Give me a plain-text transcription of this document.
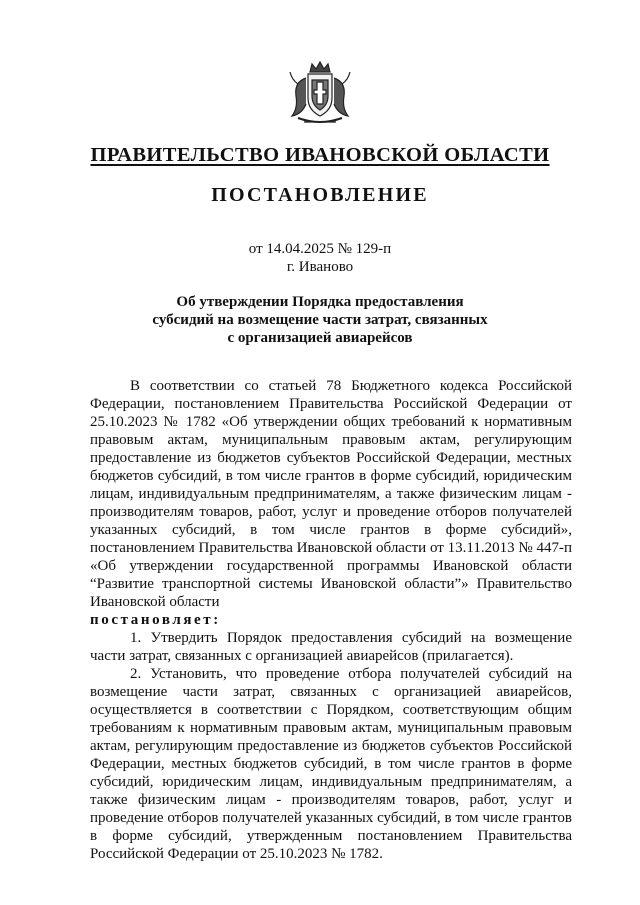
ПРАВИТЕЛЬСТВО ИВАНОВСКОЙ ОБЛАСТИ
ПОСТАНОВЛЕНИЕ
от 14.04.2025 № 129-п
г. Иваново
Об утверждении Порядка предоставления
субсидий на возмещение части затрат, связанных
с организацией авиарейсов

В соответствии со статьей 78 Бюджетного кодекса Российской Федерации, постановлением Правительства Российской Федерации от 25.10.2023 № 1782 «Об утверждении общих требований к нормативным правовым актам, муниципальным правовым актам, регулирующим предоставление из бюджетов субъектов Российской Федерации, местных бюджетов субсидий, в том числе грантов в форме субсидий, юридическим лицам, индивидуальным предпринимателям, а также физическим лицам - производителям товаров, работ, услуг и проведение отборов получателей указанных субсидий, в том числе грантов в форме субсидий», постановлением Правительства Ивановской области от 13.11.2013 № 447-п «Об утверждении государственной программы Ивановской области “Развитие транспортной системы Ивановской области”» Правительство Ивановской области

постановляет:

1. Утвердить Порядок предоставления субсидий на возмещение части затрат, связанных с организацией авиарейсов (прилагается).

2. Установить, что проведение отбора получателей субсидий на возмещение части затрат, связанных с организацией авиарейсов, осуществляется в соответствии с Порядком, соответствующим общим требованиям к нормативным правовым актам, муниципальным правовым актам, регулирующим предоставление из бюджетов субъектов Российской Федерации, местных бюджетов субсидий, в том числе грантов в форме субсидий, юридическим лицам, индивидуальным предпринимателям, а также физическим лицам - производителям товаров, работ, услуг и проведение отборов получателей указанных субсидий, в том числе грантов в форме субсидий, утвержденным постановлением Правительства Российской Федерации от 25.10.2023 № 1782.
